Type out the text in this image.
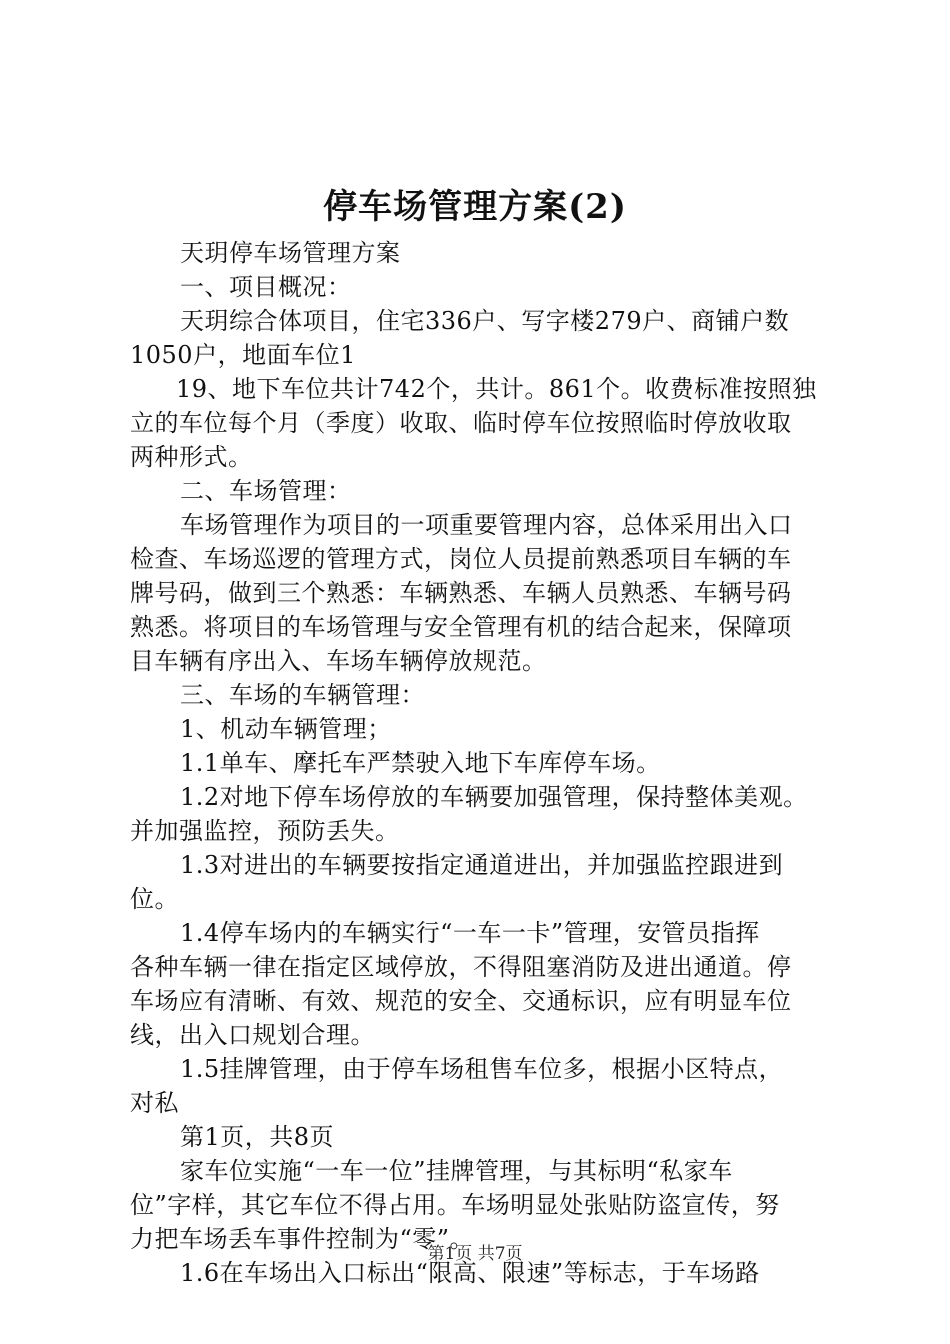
停车场管理方案(2)
天玥停车场管理方案
一、项目概况：
天玥综合体项目，住宅336户、写字楼279户、商铺户数
1050户，地面车位1
19、地下车位共计742个，共计。861个。收费标准按照独
立的车位每个月（季度）收取、临时停车位按照临时停放收取
两种形式。
二、车场管理：
车场管理作为项目的一项重要管理内容，总体采用出入口
检查、车场巡逻的管理方式，岗位人员提前熟悉项目车辆的车
牌号码，做到三个熟悉：车辆熟悉、车辆人员熟悉、车辆号码
熟悉。将项目的车场管理与安全管理有机的结合起来，保障项
目车辆有序出入、车场车辆停放规范。
三、车场的车辆管理：
1、机动车辆管理；
1.1单车、摩托车严禁驶入地下车库停车场。
1.2对地下停车场停放的车辆要加强管理，保持整体美观。
并加强监控，预防丢失。
1.3对进出的车辆要按指定通道进出，并加强监控跟进到
位。
1.4停车场内的车辆实行“一车一卡”管理，安管员指挥
各种车辆一律在指定区域停放，不得阻塞消防及进出通道。停
车场应有清晰、有效、规范的安全、交通标识，应有明显车位
线，出入口规划合理。
1.5挂牌管理，由于停车场租售车位多，根据小区特点，
对私
第1页，共8页
家车位实施“一车一位”挂牌管理，与其标明“私家车
位”字样，其它车位不得占用。车场明显处张贴防盗宣传，努
力把车场丢车事件控制为“零”。
1.6在车场出入口标出“限高、限速”等标志，于车场路
第1页 共7页
